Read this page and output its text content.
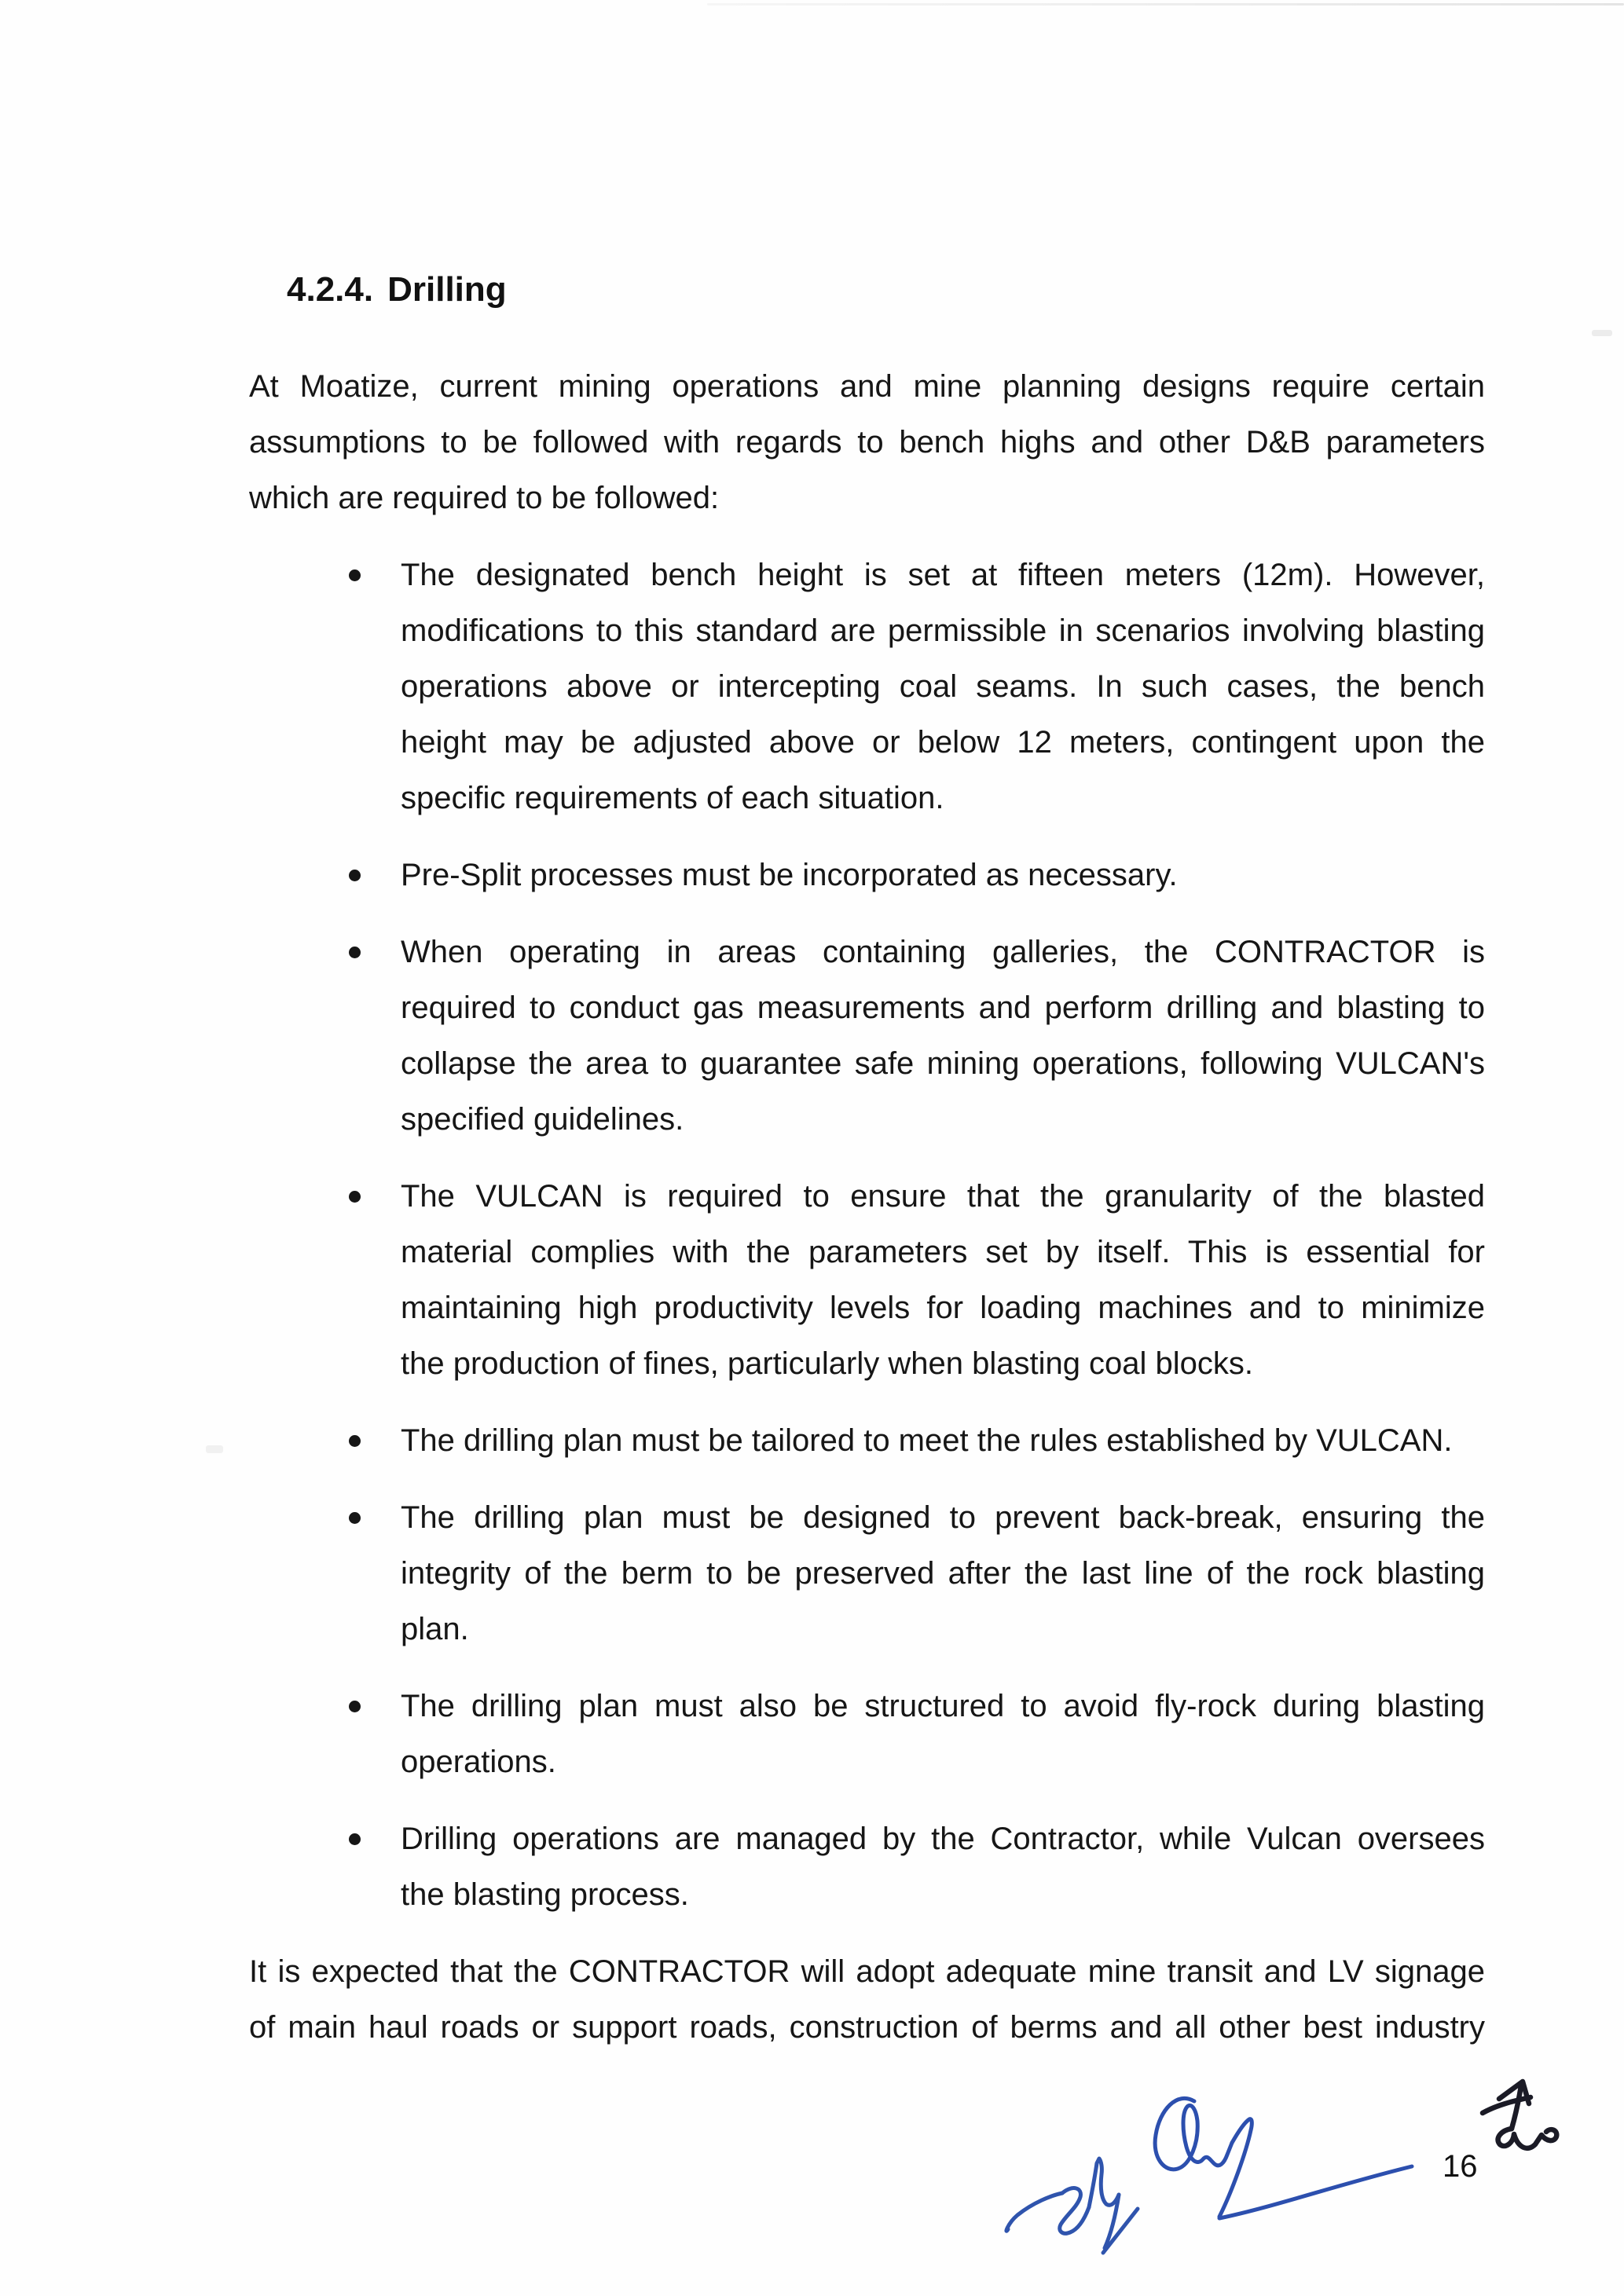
4.2.4. Drilling
At Moatize, current mining operations and mine planning designs require certain
assumptions to be followed with regards to bench highs and other D&B parameters
which are required to be followed:
The designated bench height is set at fifteen meters (12m). However,
modifications to this standard are permissible in scenarios involving blasting
operations above or intercepting coal seams. In such cases, the bench
height may be adjusted above or below 12 meters, contingent upon the
specific requirements of each situation.
Pre-Split processes must be incorporated as necessary.
When operating in areas containing galleries, the CONTRACTOR is
required to conduct gas measurements and perform drilling and blasting to
collapse the area to guarantee safe mining operations, following VULCAN's
specified guidelines.
The VULCAN is required to ensure that the granularity of the blasted
material complies with the parameters set by itself. This is essential for
maintaining high productivity levels for loading machines and to minimize
the production of fines, particularly when blasting coal blocks.
The drilling plan must be tailored to meet the rules established by VULCAN.
The drilling plan must be designed to prevent back-break, ensuring the
integrity of the berm to be preserved after the last line of the rock blasting
plan.
The drilling plan must also be structured to avoid fly-rock during blasting
operations.
Drilling operations are managed by the Contractor, while Vulcan oversees
the blasting process.
It is expected that the CONTRACTOR will adopt adequate mine transit and LV signage
of main haul roads or support roads, construction of berms and all other best industry
16
